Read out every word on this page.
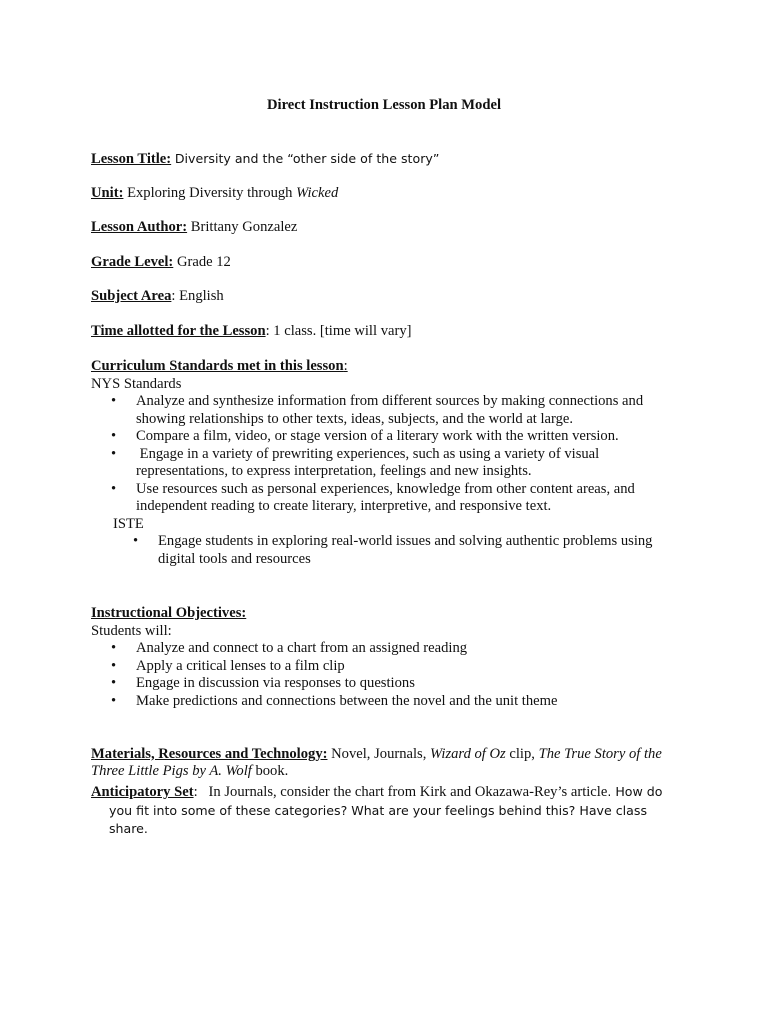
Direct Instruction Lesson Plan Model

Lesson Title: Diversity and the “other side of the story”

Unit: Exploring Diversity through Wicked

Lesson Author: Brittany Gonzalez

Grade Level: Grade 12

Subject Area: English

Time allotted for the Lesson: 1 class. [time will vary]

Curriculum Standards met in this lesson:

NYS Standards

• Analyze and synthesize information from different sources by making connections and showing relationships to other texts, ideas, subjects, and the world at large.
• Compare a film, video, or stage version of a literary work with the written version.
• Engage in a variety of prewriting experiences, such as using a variety of visual representations, to express interpretation, feelings and new insights.
• Use resources such as personal experiences, knowledge from other content areas, and independent reading to create literary, interpretive, and responsive text.

ISTE

• Engage students in exploring real-world issues and solving authentic problems using digital tools and resources

Instructional Objectives:

Students will:

• Analyze and connect to a chart from an assigned reading
• Apply a critical lenses to a film clip
• Engage in discussion via responses to questions
• Make predictions and connections between the novel and the unit theme

Materials, Resources and Technology: Novel, Journals, Wizard of Oz clip, The True Story of the Three Little Pigs by A. Wolf book.

Anticipatory Set:   In Journals, consider the chart from Kirk and Okazawa-Rey’s article. How do you fit into some of these categories? What are your feelings behind this? Have class share.
